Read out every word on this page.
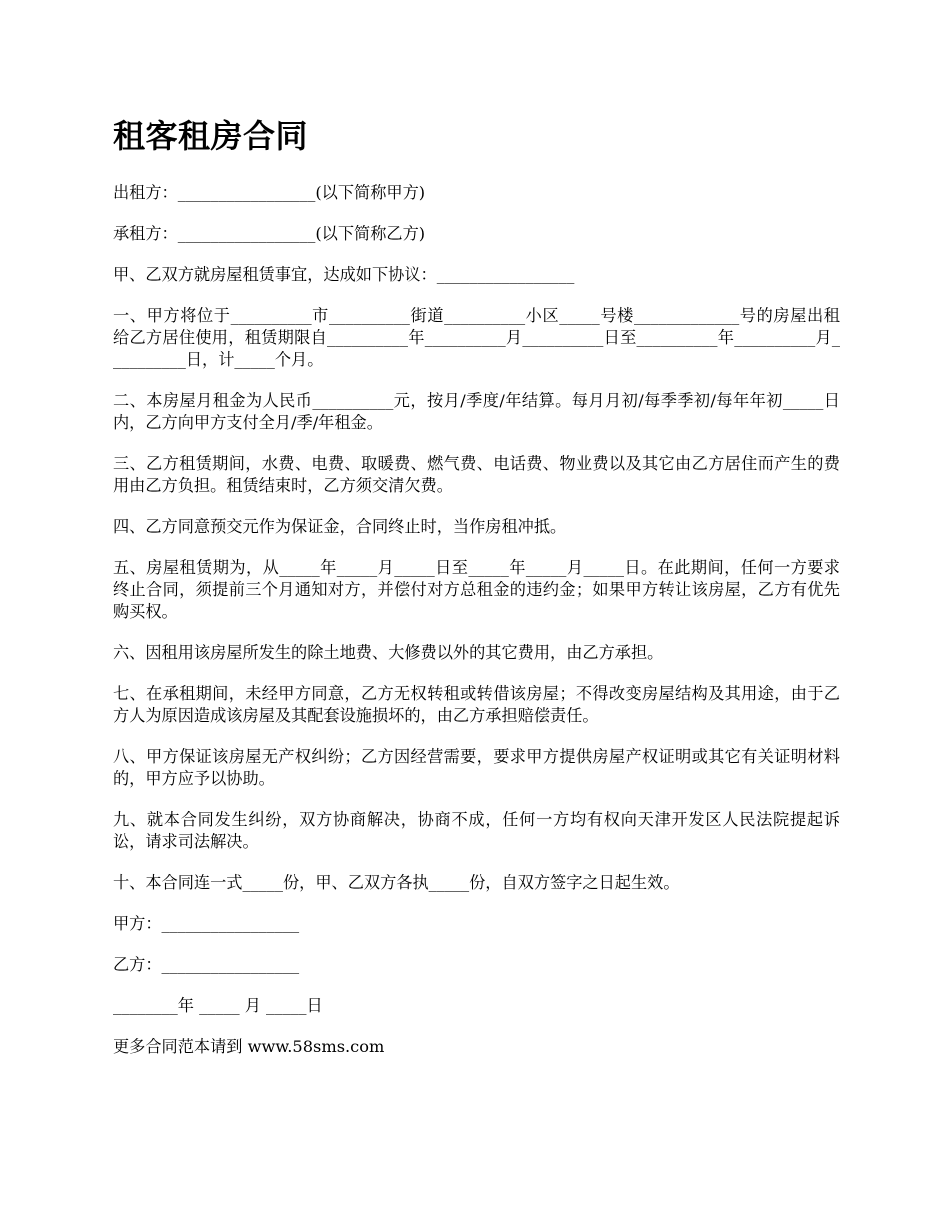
租客租房合同

出租方：_________________(以下简称甲方)

承租方：_________________(以下简称乙方)

甲、乙双方就房屋租赁事宜，达成如下协议：_________________

一、甲方将位于__________市__________街道__________小区_____号楼_____________号的房屋出租给乙方居住使用，租赁期限自__________年__________月__________日至__________年__________月__________日，计_____个月。

二、本房屋月租金为人民币__________元，按月/季度/年结算。每月月初/每季季初/每年年初_____日内，乙方向甲方支付全月/季/年租金。

三、乙方租赁期间，水费、电费、取暖费、燃气费、电话费、物业费以及其它由乙方居住而产生的费用由乙方负担。租赁结束时，乙方须交清欠费。

四、乙方同意预交元作为保证金，合同终止时，当作房租冲抵。

五、房屋租赁期为，从_____年_____月_____日至_____年_____月_____日。在此期间，任何一方要求终止合同，须提前三个月通知对方，并偿付对方总租金的违约金；如果甲方转让该房屋，乙方有优先购买权。

六、因租用该房屋所发生的除土地费、大修费以外的其它费用，由乙方承担。

七、在承租期间，未经甲方同意，乙方无权转租或转借该房屋；不得改变房屋结构及其用途，由于乙方人为原因造成该房屋及其配套设施损坏的，由乙方承担赔偿责任。

八、甲方保证该房屋无产权纠纷；乙方因经营需要，要求甲方提供房屋产权证明或其它有关证明材料的，甲方应予以协助。

九、就本合同发生纠纷，双方协商解决，协商不成，任何一方均有权向天津开发区人民法院提起诉讼，请求司法解决。

十、本合同连一式_____份，甲、乙双方各执_____份，自双方签字之日起生效。

甲方：_________________

乙方：_________________

________年 _____ 月 _____日

更多合同范本请到 www.58sms.com
